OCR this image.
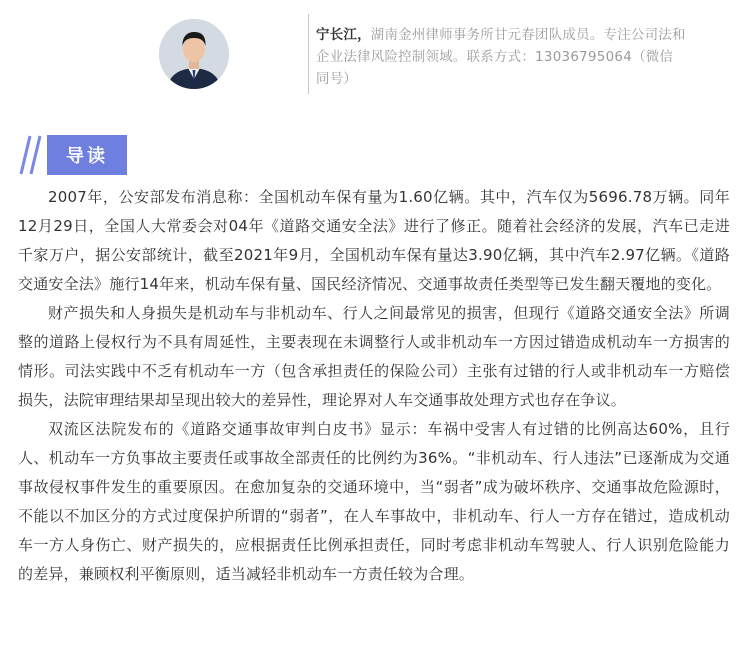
宁长江，湖南金州律师事务所甘元春团队成员。专注公司法和企业法律风险控制领域。联系方式：13036795064（微信同号）
导读

2007年，公安部发布消息称：全国机动车保有量为1.60亿辆。其中，汽车仅为5696.78万辆。同年12月29日，全国人大常委会对04年《道路交通安全法》进行了修正。随着社会经济的发展，汽车已走进千家万户，据公安部统计，截至2021年9月，全国机动车保有量达3.90亿辆，其中汽车2.97亿辆。《道路交通安全法》施行14年来，机动车保有量、国民经济情况、交通事故责任类型等已发生翻天覆地的变化。

财产损失和人身损失是机动车与非机动车、行人之间最常见的损害，但现行《道路交通安全法》所调整的道路上侵权行为不具有周延性，主要表现在未调整行人或非机动车一方因过错造成机动车一方损害的情形。司法实践中不乏有机动车一方（包含承担责任的保险公司）主张有过错的行人或非机动车一方赔偿损失，法院审理结果却呈现出较大的差异性，理论界对人车交通事故处理方式也存在争议。

双流区法院发布的《道路交通事故审判白皮书》显示：车祸中受害人有过错的比例高达60%，且行人、机动车一方负事故主要责任或事故全部责任的比例约为36%。“非机动车、行人违法”已逐渐成为交通事故侵权事件发生的重要原因。在愈加复杂的交通环境中，当“弱者”成为破坏秩序、交通事故危险源时，不能以不加区分的方式过度保护所谓的“弱者”，在人车事故中，非机动车、行人一方存在错过，造成机动车一方人身伤亡、财产损失的，应根据责任比例承担责任，同时考虑非机动车驾驶人、行人识别危险能力的差异，兼顾权利平衡原则，适当减轻非机动车一方责任较为合理。
